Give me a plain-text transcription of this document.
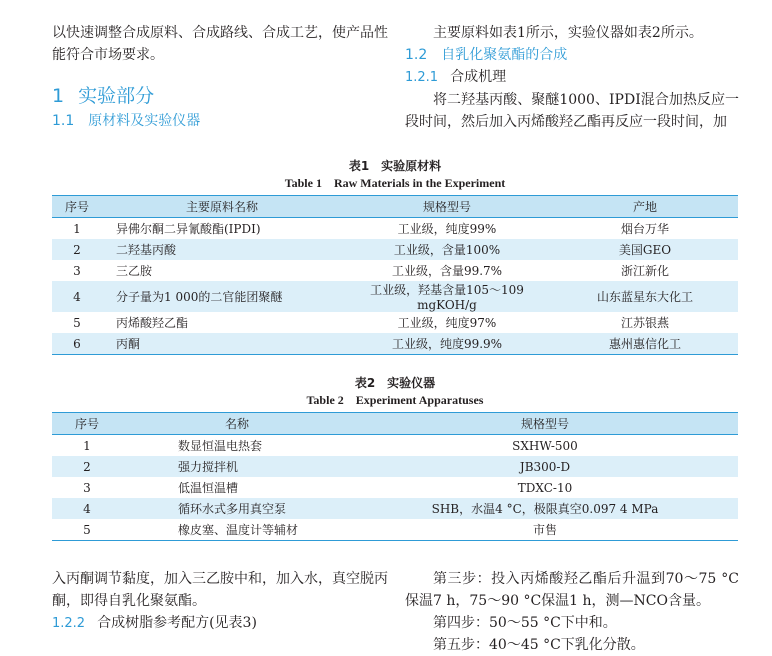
以快速调整合成原料、合成路线、合成工艺，使产品性能符合市场要求。

1 实验部分

1.1 原材料及实验仪器

主要原料如表1所示，实验仪器如表2所示。

1.2 自乳化聚氨酯的合成

1.2.1 合成机理

将二羟基丙酸、聚醚1000、IPDI混合加热反应一段时间，然后加入丙烯酸羟乙酯再反应一段时间，加

表1　实验原材料
Table 1　Raw Materials in the Experiment
序号	主要原料名称	规格型号	产地
1	异佛尔酮二异氰酸酯(IPDI)	工业级，纯度99%	烟台万华
2	二羟基丙酸	工业级，含量100%	美国GEO
3	三乙胺	工业级，含量99.7%	浙江新化
4	分子量为1 000的二官能团聚醚	工业级，羟基含量105～109 mgKOH/g	山东蓝星东大化工
5	丙烯酸羟乙酯	工业级，纯度97%	江苏银燕
6	丙酮	工业级，纯度99.9%	惠州惠信化工
表2　实验仪器
Table 2　Experiment Apparatuses
序号	名称	规格型号
1	数显恒温电热套	SXHW-500
2	强力搅拌机	JB300-D
3	低温恒温槽	TDXC-10
4	循环水式多用真空泵	SHB，水温4 °C，极限真空0.097 4 MPa
5	橡皮塞、温度计等辅材	市售

入丙酮调节黏度，加入三乙胺中和，加入水，真空脱丙酮，即得自乳化聚氨酯。

1.2.2 合成树脂参考配方(见表3)

第三步：投入丙烯酸羟乙酯后升温到70～75 °C保温7 h，75～90 °C保温1 h，测—NCO含量。

第四步：50～55 °C下中和。

第五步：40～45 °C下乳化分散。
